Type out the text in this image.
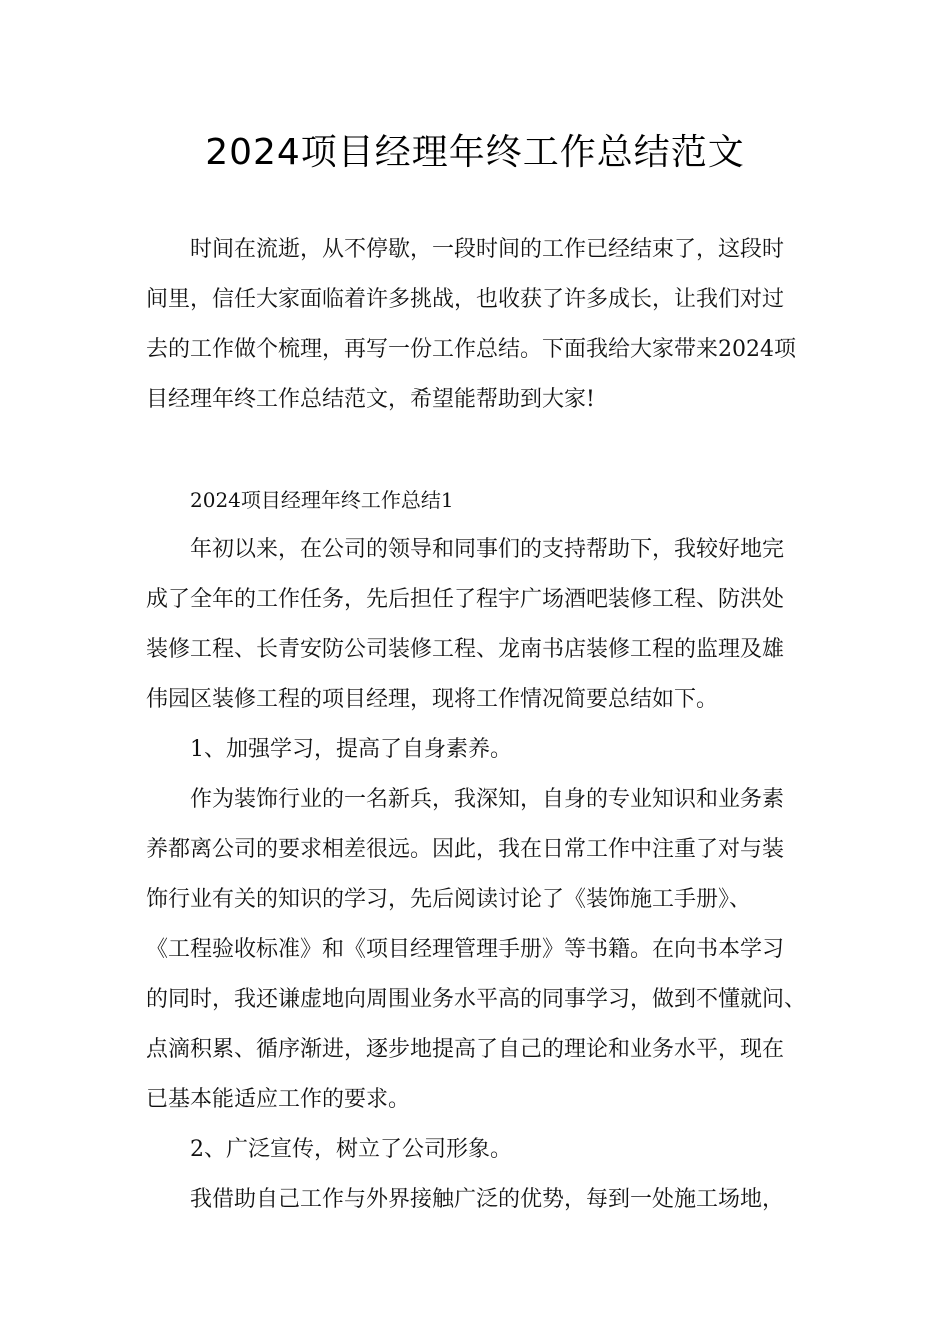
2024项目经理年终工作总结范文
时间在流逝，从不停歇，一段时间的工作已经结束了，这段时
间里，信任大家面临着许多挑战，也收获了许多成长，让我们对过
去的工作做个梳理，再写一份工作总结。下面我给大家带来2024项
目经理年终工作总结范文，希望能帮助到大家!
2024项目经理年终工作总结1
年初以来，在公司的领导和同事们的支持帮助下，我较好地完
成了全年的工作任务，先后担任了程宇广场酒吧装修工程、防洪处
装修工程、长青安防公司装修工程、龙南书店装修工程的监理及雄
伟园区装修工程的项目经理，现将工作情况简要总结如下。
1、加强学习，提高了自身素养。
作为装饰行业的一名新兵，我深知，自身的专业知识和业务素
养都离公司的要求相差很远。因此，我在日常工作中注重了对与装
饰行业有关的知识的学习，先后阅读讨论了《装饰施工手册》、
《工程验收标准》和《项目经理管理手册》等书籍。在向书本学习
的同时，我还谦虚地向周围业务水平高的同事学习，做到不懂就问、
点滴积累、循序渐进，逐步地提高了自己的理论和业务水平，现在
已基本能适应工作的要求。
2、广泛宣传，树立了公司形象。
我借助自己工作与外界接触广泛的优势，每到一处施工场地，
